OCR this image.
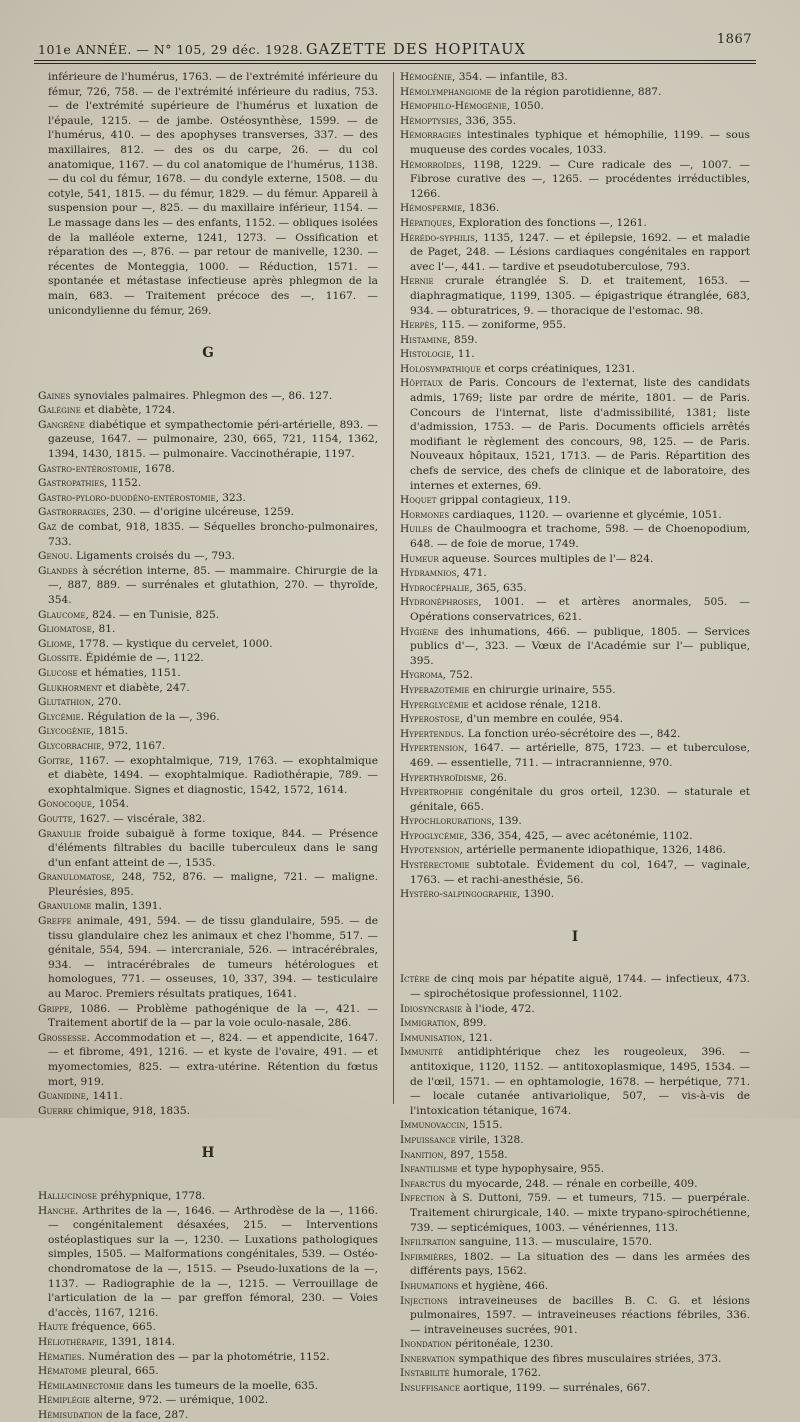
101e ANNÉE. — N° 105, 29 déc. 1928. GAZETTE DES HOPITAUX
1867

inférieure de l'humérus, 1763. — de l'extrémité inférieure du fémur, 726, 758. — de l'extrémité inférieure du radius, 753. — de l'extrémité supérieure de l'humérus et luxation de l'épaule, 1215. — de jambe. Ostéosynthèse, 1599. — de l'humérus, 410. — des apophyses transverses, 337. — des maxillaires, 812. — des os du carpe, 26. — du col anatomique, 1167. — du col anatomique de l'humérus, 1138. — du col du fémur, 1678. — du condyle externe, 1508. — du cotyle, 541, 1815. — du fémur, 1829. — du fémur. Appareil à suspension pour —, 825. — du maxillaire inférieur, 1154. — Le massage dans les — des enfants, 1152. — obliques isolées de la malléole externe, 1241, 1273. — Ossification et réparation des —, 876. — par retour de manivelle, 1230. — récentes de Monteggia, 1000. — Réduction, 1571. — spontanée et métastase infectieuse après phlegmon de la main, 683. — Traitement précoce des —, 1167. — unicondylienne du fémur, 269.

G

Gaines synoviales palmaires. Phlegmon des —, 86. 127.

Galégine et diabète, 1724.

Gangrène diabétique et sympathectomie péri-artérielle, 893. — gazeuse, 1647. — pulmonaire, 230, 665, 721, 1154, 1362, 1394, 1430, 1815. — pulmonaire. Vaccinothérapie, 1197.

Gastro-entérostomie, 1678.

Gastropathies, 1152.

Gastro-pyloro-duodéno-entérostomie, 323.

Gastrorragies, 230. — d'origine ulcéreuse, 1259.

Gaz de combat, 918, 1835. — Séquelles broncho-pulmonaires, 733.

Genou. Ligaments croisés du —, 793.

Glandes à sécrétion interne, 85. — mammaire. Chirurgie de la —, 887, 889. — surrénales et glutathion, 270. — thyroïde, 354.

Glaucome, 824. — en Tunisie, 825.

Gliomatose, 81.

Gliome, 1778. — kystique du cervelet, 1000.

Glossite. Épidémie de —, 1122.

Glucose et hématies, 1151.

Glukhorment et diabète, 247.

Glutathion, 270.

Glycémie. Régulation de la —, 396.

Glycogénie, 1815.

Glycorrachie, 972, 1167.

Goitre, 1167. — exophtalmique, 719, 1763. — exophtalmique et diabète, 1494. — exophtalmique. Radiothérapie, 789. — exophtalmique. Signes et diagnostic, 1542, 1572, 1614.

Gonocoque, 1054.

Goutte, 1627. — viscérale, 382.

Granulie froide subaiguë à forme toxique, 844. — Présence d'éléments filtrables du bacille tuberculeux dans le sang d'un enfant atteint de —, 1535.

Granulomatose, 248, 752, 876. — maligne, 721. — maligne. Pleurésies, 895.

Granulome malin, 1391.

Greffe animale, 491, 594. — de tissu glandulaire, 595. — de tissu glandulaire chez les animaux et chez l'homme, 517. — génitale, 554, 594. — intercraniale, 526. — intracérébrales, 934. — intracérébrales de tumeurs hétérologues et homologues, 771. — osseuses, 10, 337, 394. — testiculaire au Maroc. Premiers résultats pratiques, 1641.

Grippe, 1086. — Problème pathogénique de la —, 421. — Traitement abortif de la — par la voie oculo-nasale, 286.

Grossesse. Accommodation et —, 824. — et appendicite, 1647. — et fibrome, 491, 1216. — et kyste de l'ovaire, 491. — et myomectomies, 825. — extra-utérine. Rétention du fœtus mort, 919.

Guanidine, 1411.

Guerre chimique, 918, 1835.

H

Hallucinose préhypnique, 1778.

Hanche. Arthrites de la —, 1646. — Arthrodèse de la —, 1166. — congénitalement désaxées, 215. — Interventions ostéoplastiques sur la —, 1230. — Luxations pathologiques simples, 1505. — Malformations congénitales, 539. — Ostéo-chondromatose de la —, 1515. — Pseudo-luxations de la —, 1137. — Radiographie de la —, 1215. — Verrouillage de l'articulation de la — par greffon fémoral, 230. — Voies d'accès, 1167, 1216.

Haute fréquence, 665.

Héliothérapie, 1391, 1814.

Hématies. Numération des — par la photométrie, 1152.

Hématome pleural, 665.

Hémilaminectomie dans les tumeurs de la moelle, 635.

Hémiplégie alterne, 972. — urémique, 1002.

Hémisudation de la face, 287.

Hémogénie, 354. — infantile, 83.

Hémolymphangiome de la région parotidienne, 887.

Hémophilo-Hémogénie, 1050.

Hémoptysies, 336, 355.

Hémorragies intestinales typhique et hémophilie, 1199. — sous muqueuse des cordes vocales, 1033.

Hémorroïdes, 1198, 1229. — Cure radicale des —, 1007. — Fibrose curative des —, 1265. — procédentes irréductibles, 1266.

Hémospermie, 1836.

Hépatiques, Exploration des fonctions —, 1261.

Hérédo-syphilis, 1135, 1247. — et épilepsie, 1692. — et maladie de Paget, 248. — Lésions cardiaques congénitales en rapport avec l'—, 441. — tardive et pseudotuberculose, 793.

Hernie crurale étranglée S. D. et traitement, 1653. — diaphragmatique, 1199, 1305. — épigastrique étranglée, 683, 934. — obturatrices, 9. — thoracique de l'estomac. 98.

Herpès, 115. — zoniforme, 955.

Histamine, 859.

Histologie, 11.

Holosympathique et corps créatiniques, 1231.

Hôpitaux de Paris. Concours de l'externat, liste des candidats admis, 1769; liste par ordre de mérite, 1801. — de Paris. Concours de l'internat, liste d'admissibilité, 1381; liste d'admission, 1753. — de Paris. Documents officiels arrêtés modifiant le règlement des concours, 98, 125. — de Paris. Nouveaux hôpitaux, 1521, 1713. — de Paris. Répartition des chefs de service, des chefs de clinique et de laboratoire, des internes et externes, 69.

Hoquet grippal contagieux, 119.

Hormones cardiaques, 1120. — ovarienne et glycémie, 1051.

Huiles de Chaulmoogra et trachome, 598. — de Choenopodium, 648. — de foie de morue, 1749.

Humeur aqueuse. Sources multiples de l'— 824.

Hydramnios, 471.

Hydrocéphalie, 365, 635.

Hydronéphroses, 1001. — et artères anormales, 505. — Opérations conservatrices, 621.

Hygiène des inhumations, 466. — publique, 1805. — Services publics d'—, 323. — Vœux de l'Académie sur l'— publique, 395.

Hygroma, 752.

Hyperazotémie en chirurgie urinaire, 555.

Hyperglycémie et acidose rénale, 1218.

Hyperostose, d'un membre en coulée, 954.

Hypertendus. La fonction uréo-sécrétoire des —, 842.

Hypertension, 1647. — artérielle, 875, 1723. — et tuberculose, 469. — essentielle, 711. — intracrannienne, 970.

Hyperthyroïdisme, 26.

Hypertrophie congénitale du gros orteil, 1230. — staturale et génitale, 665.

Hypochlorurations, 139.

Hypoglycémie, 336, 354, 425, — avec acétonémie, 1102.

Hypotension, artérielle permanente idiopathique, 1326, 1486.

Hystérectomie subtotale. Évidement du col, 1647, — vaginale, 1763. — et rachi-anesthésie, 56.

Hystéro-salpingographie, 1390.

I

Ictère de cinq mois par hépatite aiguë, 1744. — infectieux, 473. — spirochétosique professionnel, 1102.

Idiosyncrasie à l'iode, 472.

Immigration, 899.

Immunisation, 121.

Immunité antidiphtérique chez les rougeoleux, 396. — antitoxique, 1120, 1152. — antitoxoplasmique, 1495, 1534. — de l'œil, 1571. — en ophtamologie, 1678. — herpétique, 771. — locale cutanée antivariolique, 507, — vis-à-vis de l'intoxication tétanique, 1674.

Immunovaccin, 1515.

Impuissance virile, 1328.

Inanition, 897, 1558.

Infantilisme et type hypophysaire, 955.

Infarctus du myocarde, 248. — rénale en corbeille, 409.

Infection à S. Duttoni, 759. — et tumeurs, 715. — puerpérale. Traitement chirurgicale, 140. — mixte trypano-spirochétienne, 739. — septicémiques, 1003. — vénériennes, 113.

Infiltration sanguine, 113. — musculaire, 1570.

Infirmières, 1802. — La situation des — dans les armées des différents pays, 1562.

Inhumations et hygiène, 466.

Injections intraveineuses de bacilles B. C. G. et lésions pulmonaires, 1597. — intraveineuses réactions fébriles, 336. — intraveineuses sucrées, 901.

Inondation péritonéale, 1230.

Innervation sympathique des fibres musculaires striées, 373.

Instabilité humorale, 1762.

Insuffisance aortique, 1199. — surrénales, 667.
